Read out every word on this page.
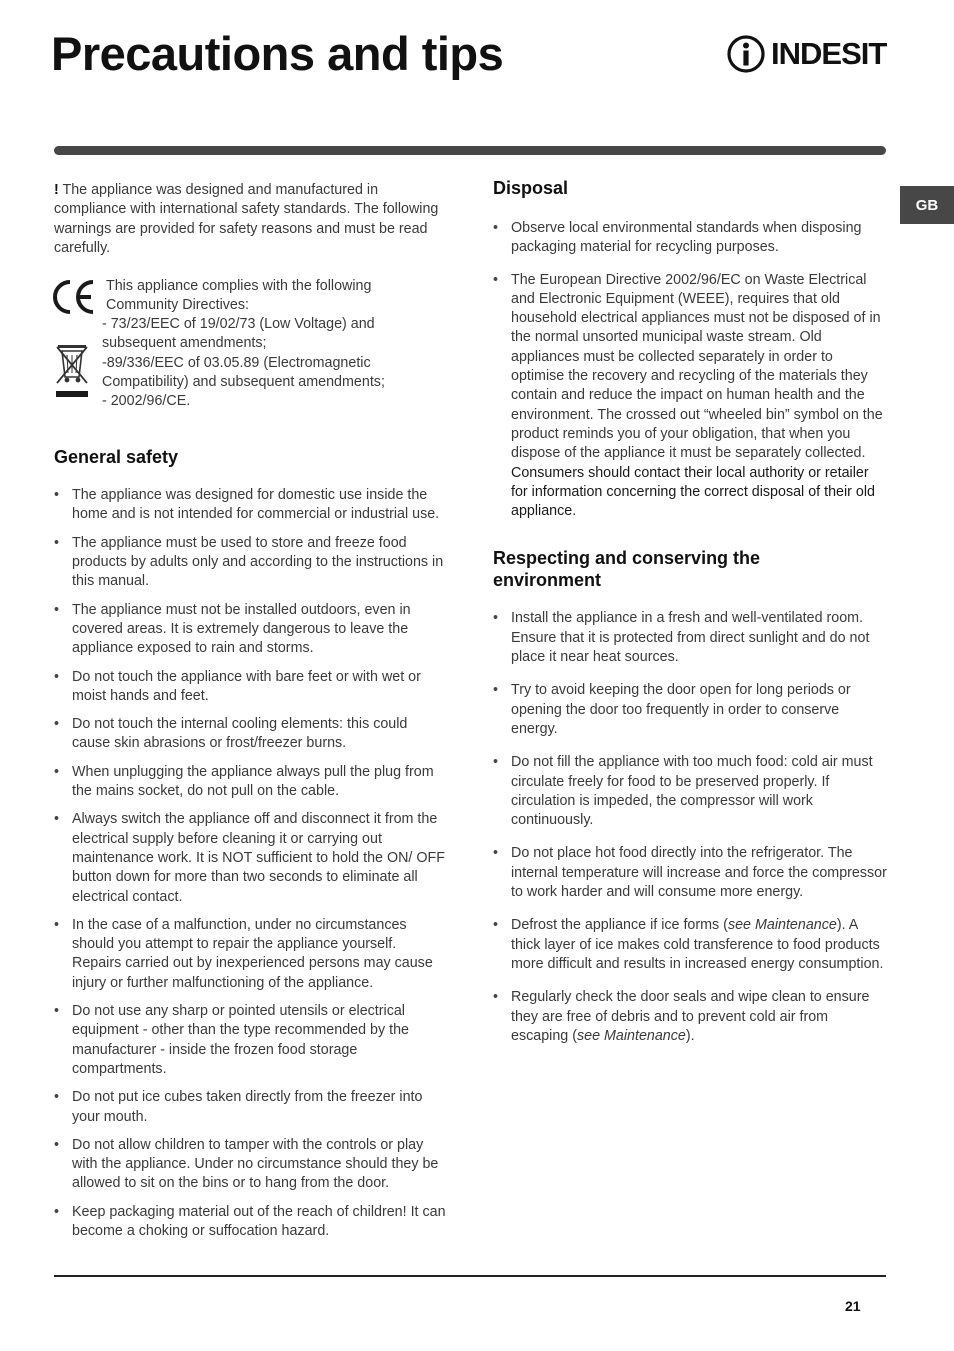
Precautions and tips	INDESIT
GB

! The appliance was designed and manufactured in compliance with international safety standards. The following warnings are provided for safety reasons and must be read carefully.

This appliance complies with the following
Community Directives:
- 73/23/EEC of 19/02/73 (Low Voltage) and
subsequent amendments;
-89/336/EEC of 03.05.89 (Electromagnetic
Compatibility) and subsequent amendments;
- 2002/96/CE.
General safety
• The appliance was designed for domestic use inside the home and is not intended for commercial or industrial use.
• The appliance must be used to store and freeze food products by adults only and according to the instructions in this manual.
• The appliance must not be installed outdoors, even in covered areas. It is extremely dangerous to leave the appliance exposed to rain and storms.
• Do not touch the appliance with bare feet or with wet or moist hands and feet.
• Do not touch the internal cooling elements: this could cause skin abrasions or frost/freezer burns.
• When unplugging the appliance always pull the plug from the mains socket, do not pull on the cable.
• Always switch the appliance off and disconnect it from the electrical supply before cleaning it or carrying out maintenance work. It is NOT sufficient to hold the ON/ OFF button down for more than two seconds to eliminate all electrical contact.
• In the case of a malfunction, under no circumstances should you attempt to repair the appliance yourself. Repairs carried out by inexperienced persons may cause injury or further malfunctioning of the appliance.
• Do not use any sharp or pointed utensils or electrical equipment - other than the type recommended by the manufacturer - inside the frozen food storage compartments.
• Do not put ice cubes taken directly from the freezer into your mouth.
• Do not allow children to tamper with the controls or play with the appliance. Under no circumstance should they be allowed to sit on the bins or to hang from the door.
• Keep packaging material out of the reach of children! It can become a choking or suffocation hazard.
Disposal
• Observe local environmental standards when disposing packaging material for recycling purposes.
• The European Directive 2002/96/EC on Waste Electrical and Electronic Equipment (WEEE), requires that old household electrical appliances must not be disposed of in the normal unsorted municipal waste stream. Old appliances must be collected separately in order to optimise the recovery and recycling of the materials they contain and reduce the impact on human health and the environment. The crossed out “wheeled bin” symbol on the product reminds you of your obligation, that when you dispose of the appliance it must be separately collected.
Consumers should contact their local authority or retailer for information concerning the correct disposal of their old appliance.
Respecting and conserving the environment
• Install the appliance in a fresh and well-ventilated room. Ensure that it is protected from direct sunlight and do not place it near heat sources.
• Try to avoid keeping the door open for long periods or opening the door too frequently in order to conserve energy.
• Do not fill the appliance with too much food: cold air must circulate freely for food to be preserved properly. If circulation is impeded, the compressor will work continuously.
• Do not place hot food directly into the refrigerator. The internal temperature will increase and force the compressor to work harder and will consume more energy.
• Defrost the appliance if ice forms (see Maintenance). A thick layer of ice makes cold transference to food products more difficult and results in increased energy consumption.
• Regularly check the door seals and wipe clean to ensure they are free of debris and to prevent cold air from escaping (see Maintenance).
21
